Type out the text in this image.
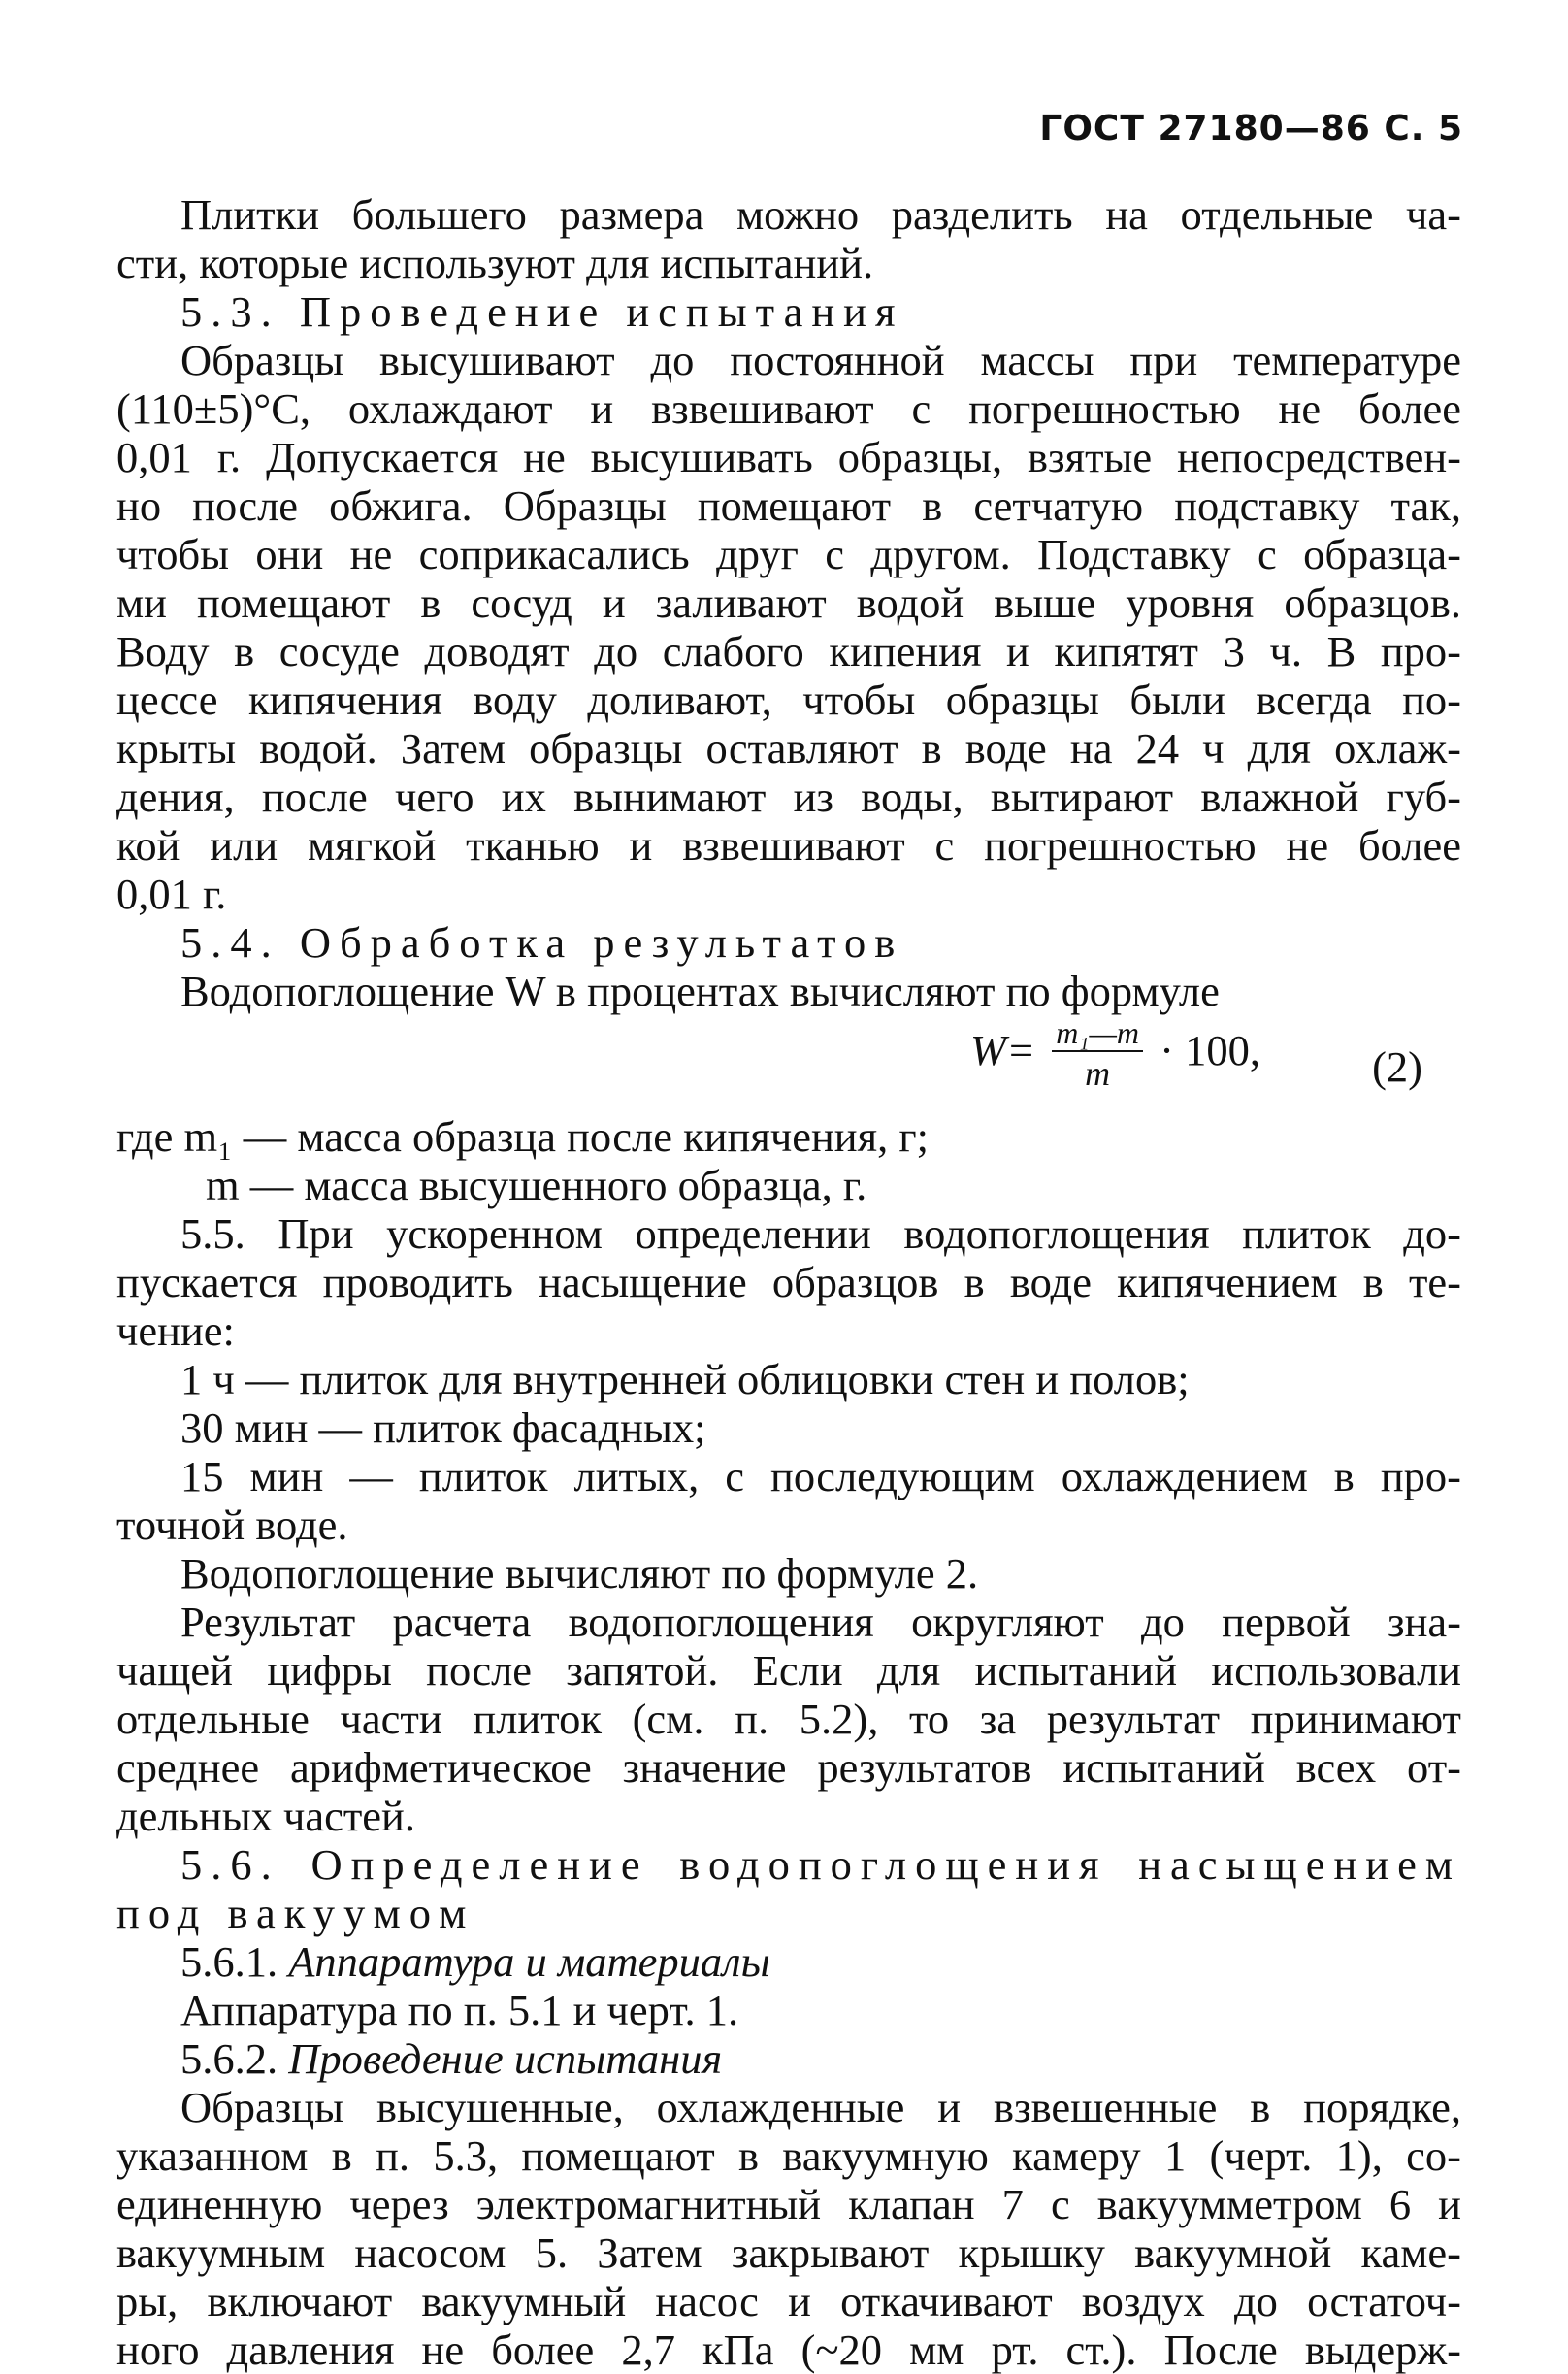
ГОСТ 27180—86 С. 5
Плитки большего размера можно разделить на отдельные ча-
сти, которые используют для испытаний.
5.3. Проведение испытания
Образцы высушивают до постоянной массы при температуре
(110±5)°С, охлаждают и взвешивают с погрешностью не более
0,01 г. Допускается не высушивать образцы, взятые непосредствен-
но после обжига. Образцы помещают в сетчатую подставку так,
чтобы они не соприкасались друг с другом. Подставку с образца-
ми помещают в сосуд и заливают водой выше уровня образцов.
Воду в сосуде доводят до слабого кипения и кипятят 3 ч. В про-
цессе кипячения воду доливают, чтобы образцы были всегда по-
крыты водой. Затем образцы оставляют в воде на 24 ч для охлаж-
дения, после чего их вынимают из воды, вытирают влажной губ-
кой или мягкой тканью и взвешивают с погрешностью не более
0,01 г.
5.4. Обработка результатов
Водопоглощение W в процентах вычисляют по формуле
$W= \frac{\text{m₁—m}}{m} \cdot 100$,	(2)
где m₁ — масса образца после кипячения, г;
m — масса высушенного образца, г.
5.5. При ускоренном определении водопоглощения плиток до-
пускается проводить насыщение образцов в воде кипячением в те-
чение:
1 ч — плиток для внутренней облицовки стен и полов;
30 мин — плиток фасадных;
15 мин — плиток литых, с последующим охлаждением в про-
точной воде.
Водопоглощение вычисляют по формуле 2.
Результат расчета водопоглощения округляют до первой зна-
чащей цифры после запятой. Если для испытаний использовали
отдельные части плиток (см. п. 5.2), то за результат принимают
среднее арифметическое значение результатов испытаний всех от-
дельных частей.
5.6. Определение водопоглощения насыщением
под вакуумом
5.6.1. Аппаратура и материалы
Аппаратура по п. 5.1 и черт. 1.
5.6.2. Проведение испытания
Образцы высушенные, охлажденные и взвешенные в порядке,
указанном в п. 5.3, помещают в вакуумную камеру 1 (черт. 1), со-
единенную через электромагнитный клапан 7 с вакуумметром 6 и
вакуумным насосом 5. Затем закрывают крышку вакуумной каме-
ры, включают вакуумный насос и откачивают воздух до остаточ-
ного давления не более 2,7 кПа (~20 мм рт. ст.). После выдерж-
